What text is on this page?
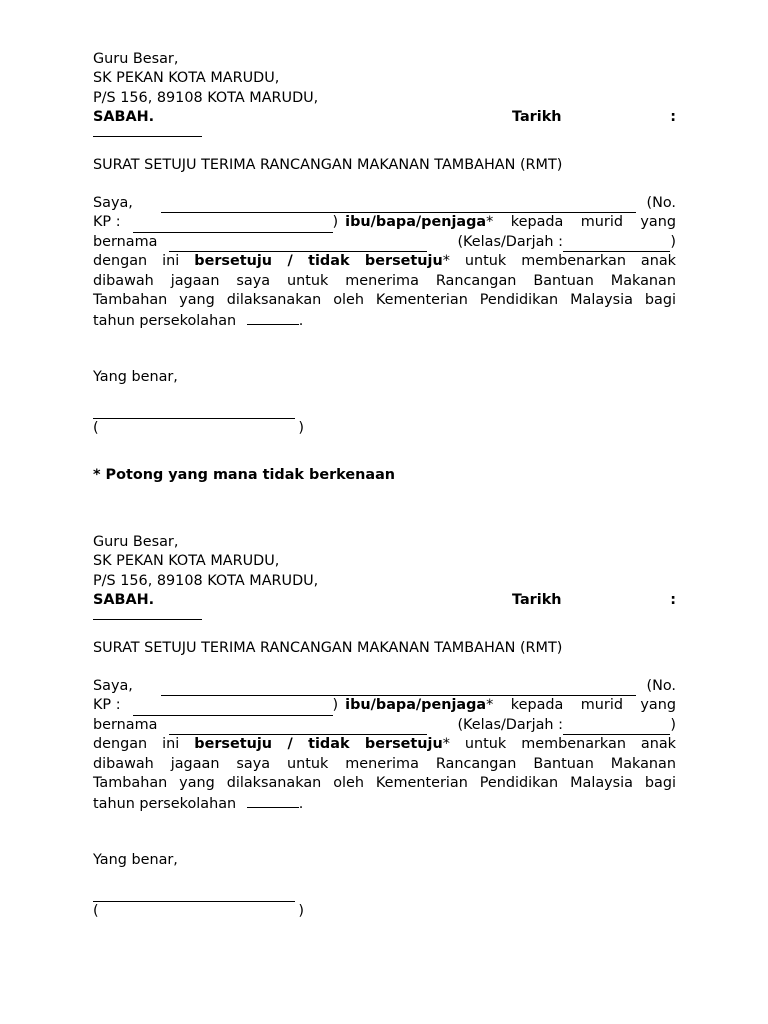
Guru Besar,
SK PEKAN KOTA MARUDU,
P/S 156, 89108 KOTA MARUDU,
SABAH.	Tarikh	:
SURAT SETUJU TERIMA RANCANGAN MAKANAN TAMBAHAN (RMT)
Saya,	(No.
KP :	) ibu/bapa/penjaga * kepada murid yang
bernama	(Kelas/Darjah :	)
dengan ini bersetuju / tidak bersetuju* untuk membenarkan anak
dibawah jagaan saya untuk menerima Rancangan Bantuan Makanan
Tambahan yang dilaksanakan oleh Kementerian Pendidikan Malaysia bagi
tahun persekolahan	.
Yang benar,
(	)
* Potong yang mana tidak berkenaan
Guru Besar,
SK PEKAN KOTA MARUDU,
P/S 156, 89108 KOTA MARUDU,
SABAH.	Tarikh	:
SURAT SETUJU TERIMA RANCANGAN MAKANAN TAMBAHAN (RMT)
Saya,	(No.
KP :	) ibu/bapa/penjaga * kepada murid yang
bernama	(Kelas/Darjah :	)
dengan ini bersetuju / tidak bersetuju* untuk membenarkan anak
dibawah jagaan saya untuk menerima Rancangan Bantuan Makanan
Tambahan yang dilaksanakan oleh Kementerian Pendidikan Malaysia bagi
tahun persekolahan	.
Yang benar,
(	)
